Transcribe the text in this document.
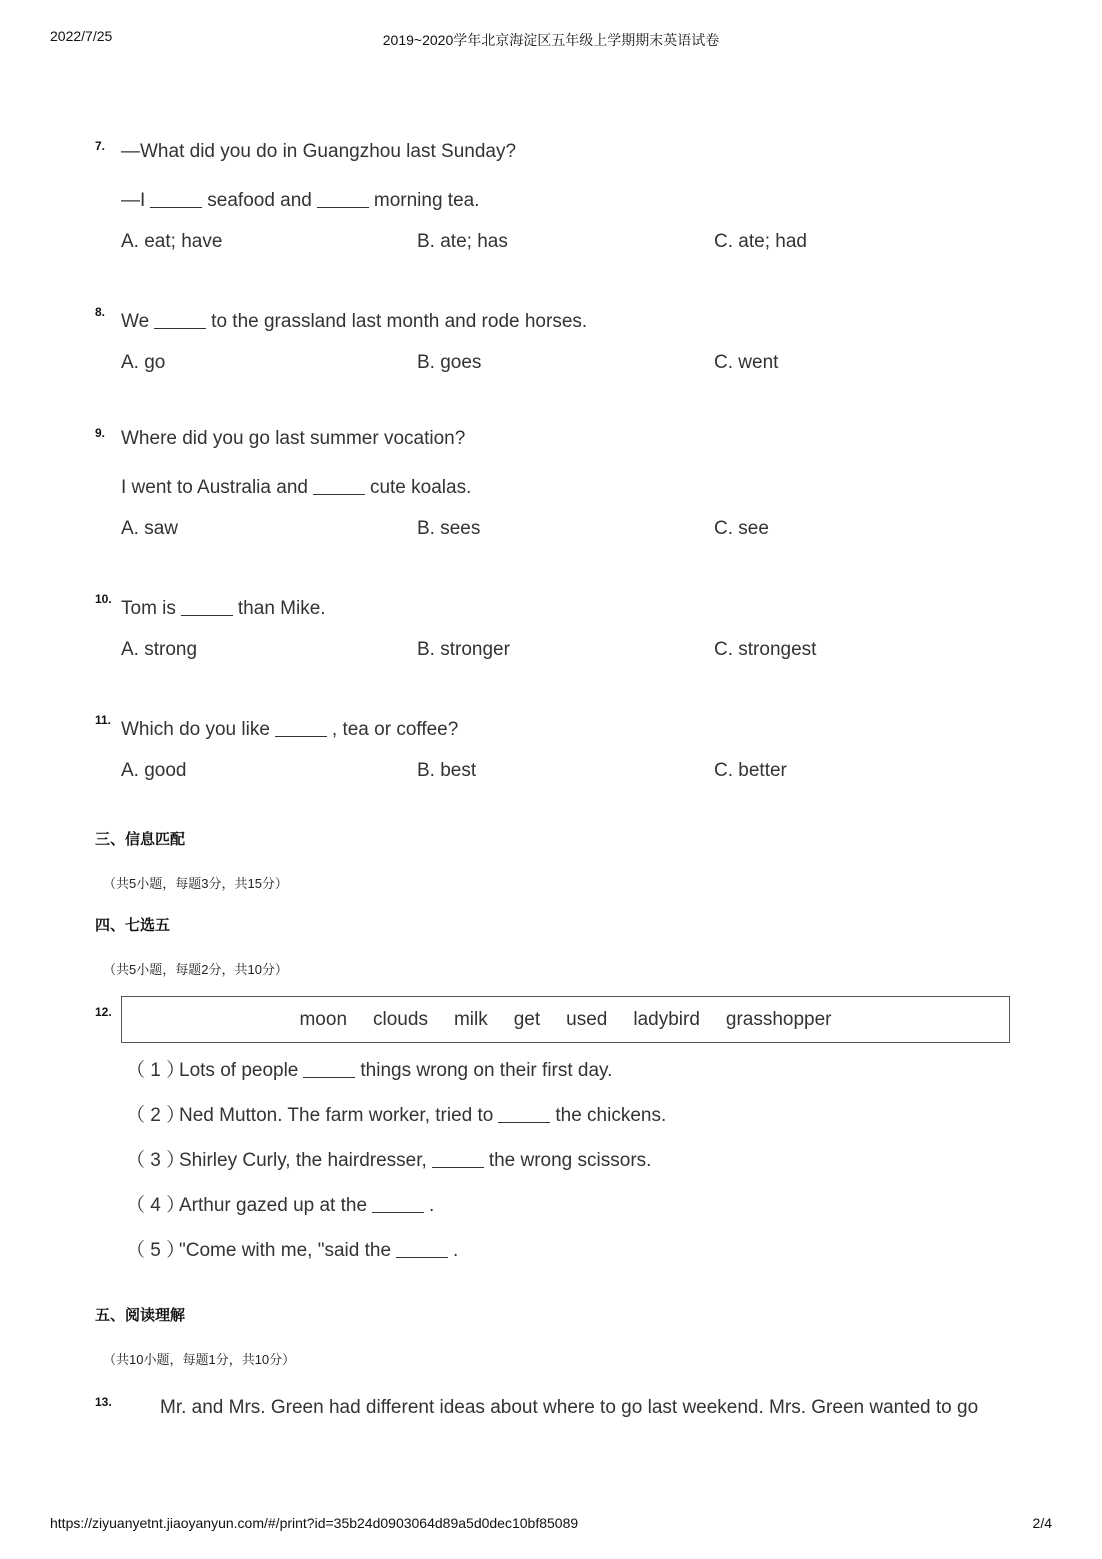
2022/7/25	2019~2020学年北京海淀区五年级上学期期末英语试卷
7. —What did you do in Guangzhou last Sunday?
—I	seafood and	morning tea.
A. eat; have	B. ate; has	C. ate; had
8. We	to the grassland last month and rode horses.
A. go	B. goes	C. went
9. Where did you go last summer vocation?
I went to Australia and	cute koalas.
A. saw	B. sees	C. see
10. Tom is	than Mike.
A. strong	B. stronger	C. strongest
11. Which do you like	, tea or coffee?
A. good	B. best	C. better
三、信息匹配
（共5小题，每题3分，共15分）
四、七选五
（共5小题，每题2分，共10分）
12.	moon clouds milk get used ladybird grasshopper
（ 1 ）Lots of people	things wrong on their first day.
（ 2 ）Ned Mutton. The farm worker, tried to	the chickens.
（ 3 ）Shirley Curly, the hairdresser,	the wrong scissors.
（ 4 ）Arthur gazed up at the	.
（ 5 ）"Come with me, "said the	.
五、阅读理解
（共10小题，每题1分，共10分）
13.	Mr. and Mrs. Green had different ideas about where to go last weekend. Mrs. Green wanted to go
https://ziyuanyetnt.jiaoyanyun.com/#/print?id=35b24d0903064d89a5d0dec10bf85089	2/4
